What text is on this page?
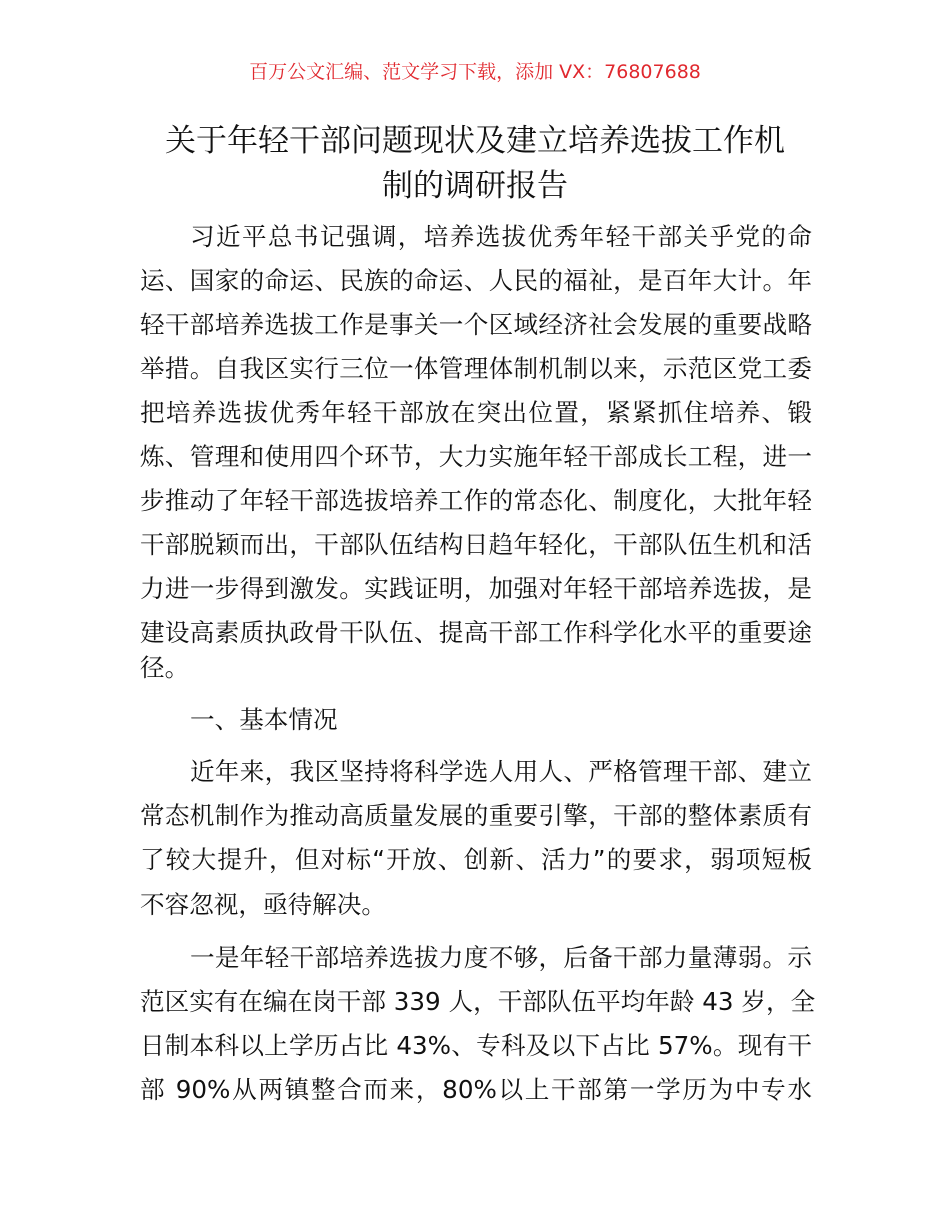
百万公文汇编、范文学习下载，添加 VX：76807688
关于年轻干部问题现状及建立培养选拔工作机
制的调研报告
习近平总书记强调，培养选拔优秀年轻干部关乎党的命
运、国家的命运、民族的命运、人民的福祉，是百年大计。年
轻干部培养选拔工作是事关一个区域经济社会发展的重要战略
举措。自我区实行三位一体管理体制机制以来，示范区党工委
把培养选拔优秀年轻干部放在突出位置，紧紧抓住培养、锻
炼、管理和使用四个环节，大力实施年轻干部成长工程，进一
步推动了年轻干部选拔培养工作的常态化、制度化，大批年轻
干部脱颖而出，干部队伍结构日趋年轻化，干部队伍生机和活
力进一步得到激发。实践证明，加强对年轻干部培养选拔，是
建设高素质执政骨干队伍、提高干部工作科学化水平的重要途
径。
一、基本情况
近年来，我区坚持将科学选人用人、严格管理干部、建立
常态机制作为推动高质量发展的重要引擎，干部的整体素质有
了较大提升，但对标“开放、创新、活力”的要求，弱项短板
不容忽视，亟待解决。
一是年轻干部培养选拔力度不够，后备干部力量薄弱。示
范区实有在编在岗干部 339 人，干部队伍平均年龄 43 岁，全
日制本科以上学历占比 43%、专科及以下占比 57%。现有干
部 90%从两镇整合而来，80%以上干部第一学历为中专水
